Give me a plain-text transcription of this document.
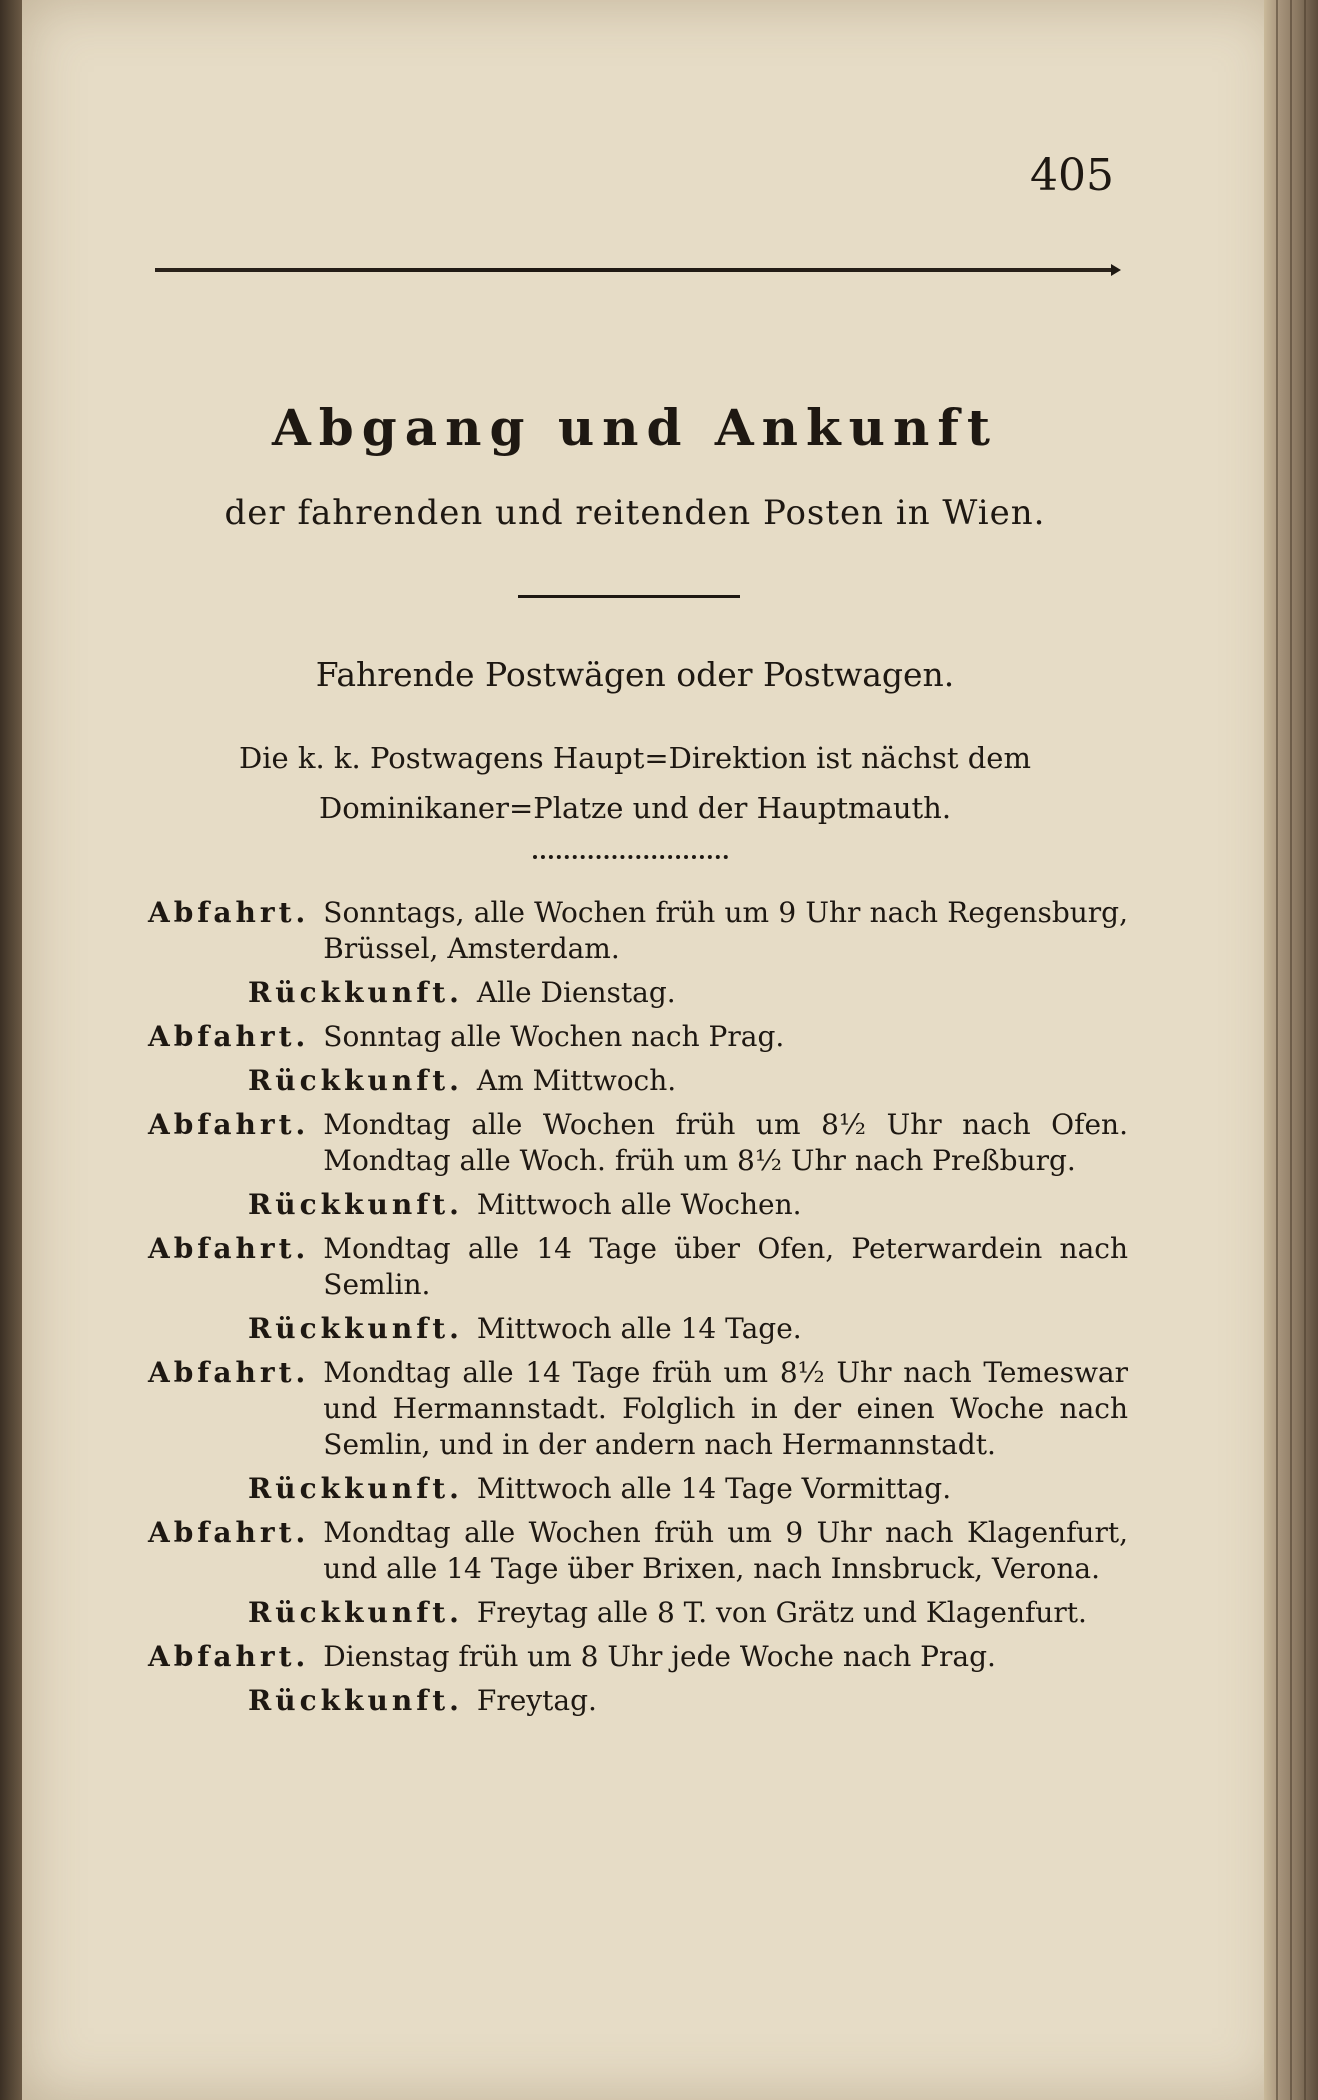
405
Abgang und Ankunft
der fahrenden und reitenden Posten in Wien.
Fahrende Postwägen oder Postwagen.
Die k. k. Postwagens Haupt=Direktion ist nächst dem
Dominikaner=Platze und der Hauptmauth.
Abfahrt. Sonntags, alle Wochen früh um 9 Uhr nach Regensburg, Brüssel, Amsterdam.
Rückkunft. Alle Dienstag.
Abfahrt. Sonntag alle Wochen nach Prag.
Rückkunft. Am Mittwoch.
Abfahrt. Mondtag alle Wochen früh um 8½ Uhr nach Ofen. Mondtag alle Woch. früh um 8½ Uhr nach Preßburg.
Rückkunft. Mittwoch alle Wochen.
Abfahrt. Mondtag alle 14 Tage über Ofen, Peterwardein nach Semlin.
Rückkunft. Mittwoch alle 14 Tage.
Abfahrt. Mondtag alle 14 Tage früh um 8½ Uhr nach Temeswar und Hermannstadt. Folglich in der einen Woche nach Semlin, und in der andern nach Hermannstadt.
Rückkunft. Mittwoch alle 14 Tage Vormittag.
Abfahrt. Mondtag alle Wochen früh um 9 Uhr nach Klagenfurt, und alle 14 Tage über Brixen, nach Innsbruck, Verona.
Rückkunft. Freytag alle 8 T. von Grätz und Klagenfurt.
Abfahrt. Dienstag früh um 8 Uhr jede Woche nach Prag.
Rückkunft. Freytag.
